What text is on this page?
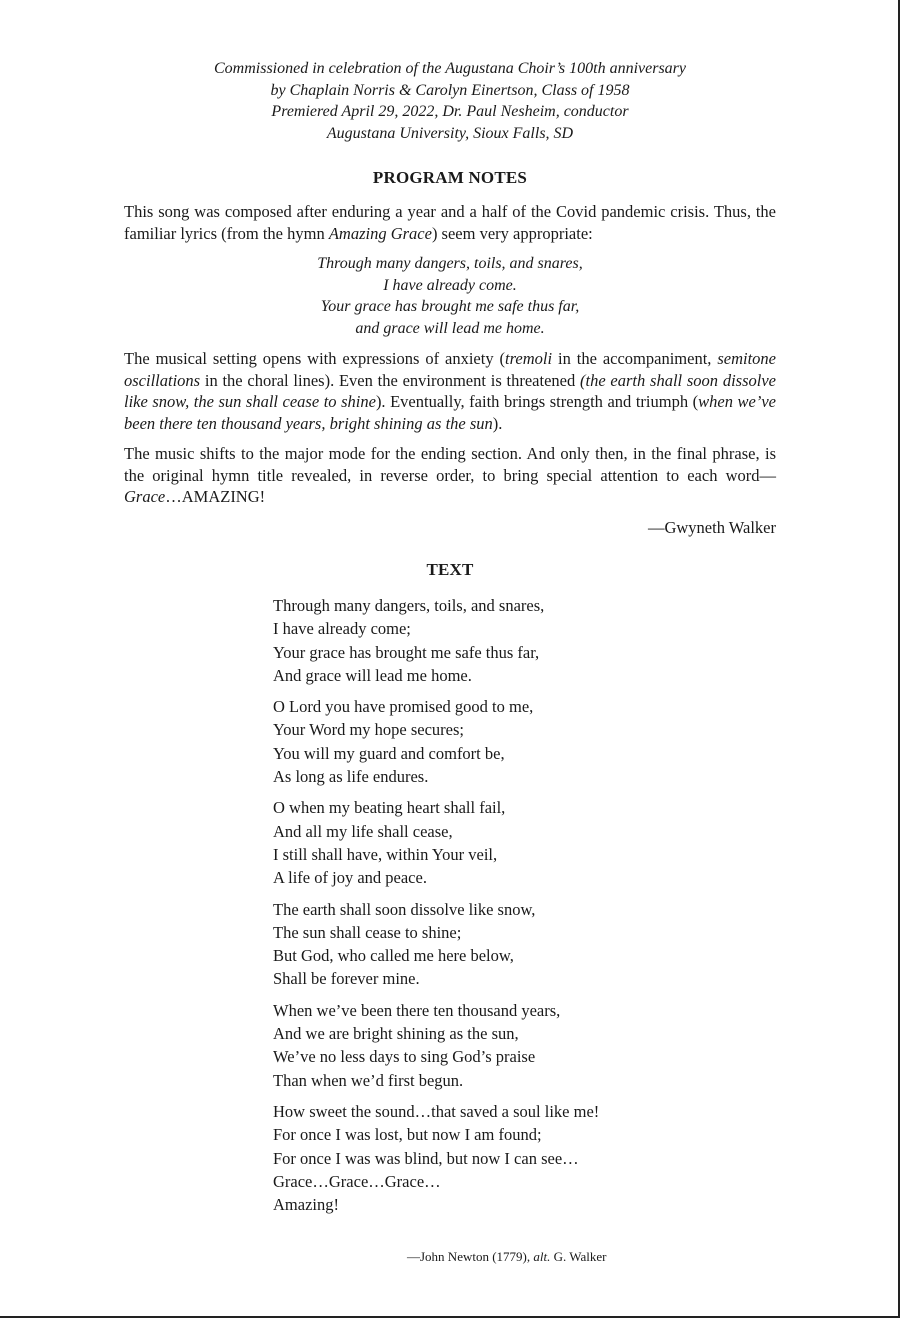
Commissioned in celebration of the Augustana Choir’s 100th anniversary
by Chaplain Norris & Carolyn Einertson, Class of 1958
Premiered April 29, 2022, Dr. Paul Nesheim, conductor
Augustana University, Sioux Falls, SD
PROGRAM NOTES

This song was composed after enduring a year and a half of the Covid pandemic crisis. Thus, the familiar lyrics (from the hymn Amazing Grace) seem very appropriate:

Through many dangers, toils, and snares,
I have already come.
Your grace has brought me safe thus far,
and grace will lead me home.

The musical setting opens with expressions of anxiety (tremoli in the accompaniment, semitone oscillations in the choral lines). Even the environment is threatened (the earth shall soon dissolve like snow, the sun shall cease to shine). Eventually, faith brings strength and triumph (when we’ve been there ten thousand years, bright shining as the sun).

The music shifts to the major mode for the ending section. And only then, in the final phrase, is the original hymn title revealed, in reverse order, to bring special attention to each word—Grace…AMAZING!

—Gwyneth Walker
TEXT
Through many dangers, toils, and snares,
I have already come;
Your grace has brought me safe thus far,
And grace will lead me home.
O Lord you have promised good to me,
Your Word my hope secures;
You will my guard and comfort be,
As long as life endures.
O when my beating heart shall fail,
And all my life shall cease,
I still shall have, within Your veil,
A life of joy and peace.
The earth shall soon dissolve like snow,
The sun shall cease to shine;
But God, who called me here below,
Shall be forever mine.
When we’ve been there ten thousand years,
And we are bright shining as the sun,
We’ve no less days to sing God’s praise
Than when we’d first begun.
How sweet the sound…that saved a soul like me!
For once I was lost, but now I am found;
For once I was was blind, but now I can see…
Grace…Grace…Grace…
Amazing!
—John Newton (1779), alt. G. Walker
